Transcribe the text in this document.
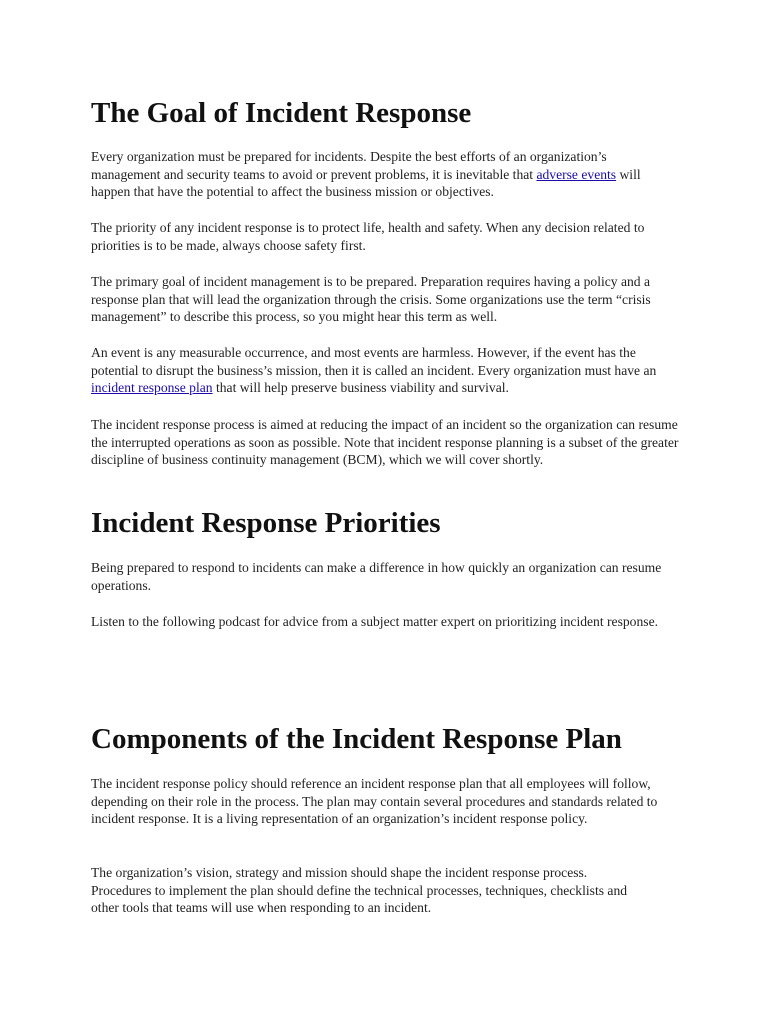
The Goal of Incident Response

Every organization must be prepared for incidents. Despite the best efforts of an organization’s management and security teams to avoid or prevent problems, it is inevitable that adverse events will happen that have the potential to affect the business mission or objectives.

The priority of any incident response is to protect life, health and safety. When any decision related to priorities is to be made, always choose safety first.

The primary goal of incident management is to be prepared. Preparation requires having a policy and a response plan that will lead the organization through the crisis. Some organizations use the term “crisis management” to describe this process, so you might hear this term as well.

An event is any measurable occurrence, and most events are harmless. However, if the event has the potential to disrupt the business’s mission, then it is called an incident. Every organization must have an incident response plan that will help preserve business viability and survival.

The incident response process is aimed at reducing the impact of an incident so the organization can resume the interrupted operations as soon as possible. Note that incident response planning is a subset of the greater discipline of business continuity management (BCM), which we will cover shortly.

Incident Response Priorities

Being prepared to respond to incidents can make a difference in how quickly an organization can resume operations.

Listen to the following podcast for advice from a subject matter expert on prioritizing incident response.

Components of the Incident Response Plan

The incident response policy should reference an incident response plan that all employees will follow, depending on their role in the process. The plan may contain several procedures and standards related to incident response. It is a living representation of an organization’s incident response policy.

The organization’s vision, strategy and mission should shape the incident response process. Procedures to implement the plan should define the technical processes, techniques, checklists and other tools that teams will use when responding to an incident.
